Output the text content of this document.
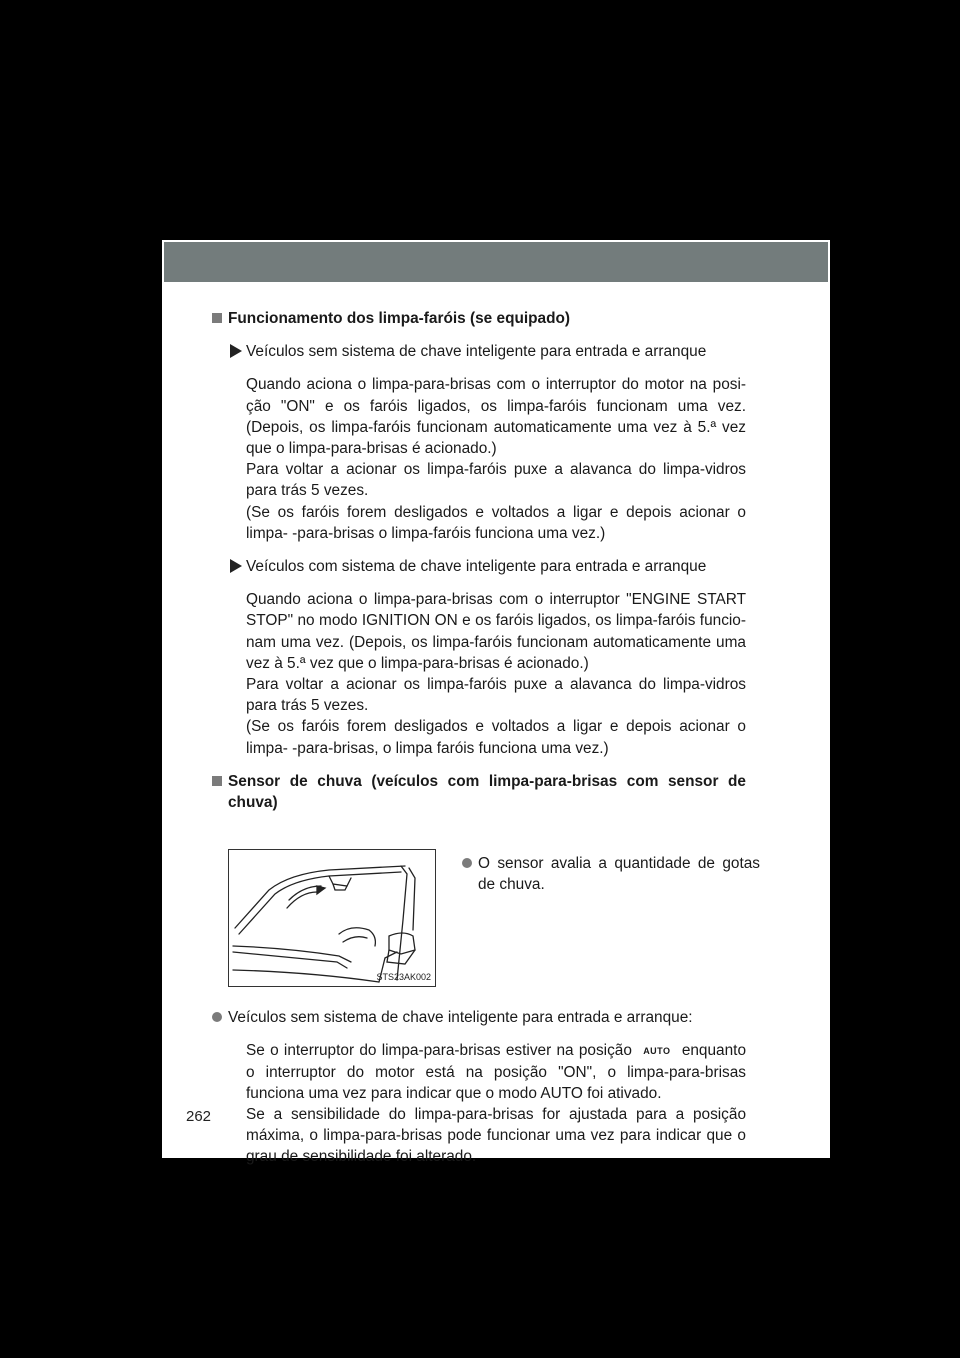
Funcionamento dos limpa-faróis (se equipado)
Veículos sem sistema de chave inteligente para entrada e arranque

Quando aciona o limpa-para-brisas com o interruptor do motor na posi- ção "ON" e os faróis ligados, os limpa-faróis funcionam uma vez. (Depois, os limpa-faróis funcionam automaticamente uma vez à 5.ª vez que o limpa-para-brisas é acionado.)

Para voltar a acionar os limpa-faróis puxe a alavanca do limpa-vidros para trás 5 vezes.

(Se os faróis forem desligados e voltados a ligar e depois acionar o limpa- -para-brisas o limpa-faróis funciona uma vez.)

Veículos com sistema de chave inteligente para entrada e arranque

Quando aciona o limpa-para-brisas com o interruptor "ENGINE START STOP" no modo IGNITION ON e os faróis ligados, os limpa-faróis funcio- nam uma vez. (Depois, os limpa-faróis funcionam automaticamente uma vez à 5.ª vez que o limpa-para-brisas é acionado.)

Para voltar a acionar os limpa-faróis puxe a alavanca do limpa-vidros para trás 5 vezes.

(Se os faróis forem desligados e voltados a ligar e depois acionar o limpa- -para-brisas, o limpa faróis funciona uma vez.)

Sensor de chuva (veículos com limpa-para-brisas com sensor de chuva)
STS23AK002
O sensor avalia a quantidade de gotas de chuva.
Veículos sem sistema de chave inteligente para entrada e arranque:

Se o interruptor do limpa-para-brisas estiver na posição AUTO enquanto o interruptor do motor está na posição "ON", o limpa-para-brisas funciona uma vez para indicar que o modo AUTO foi ativado.

Se a sensibilidade do limpa-para-brisas for ajustada para a posição máxima, o limpa-para-brisas pode funcionar uma vez para indicar que o grau de sensibilidade foi alterado.

262
